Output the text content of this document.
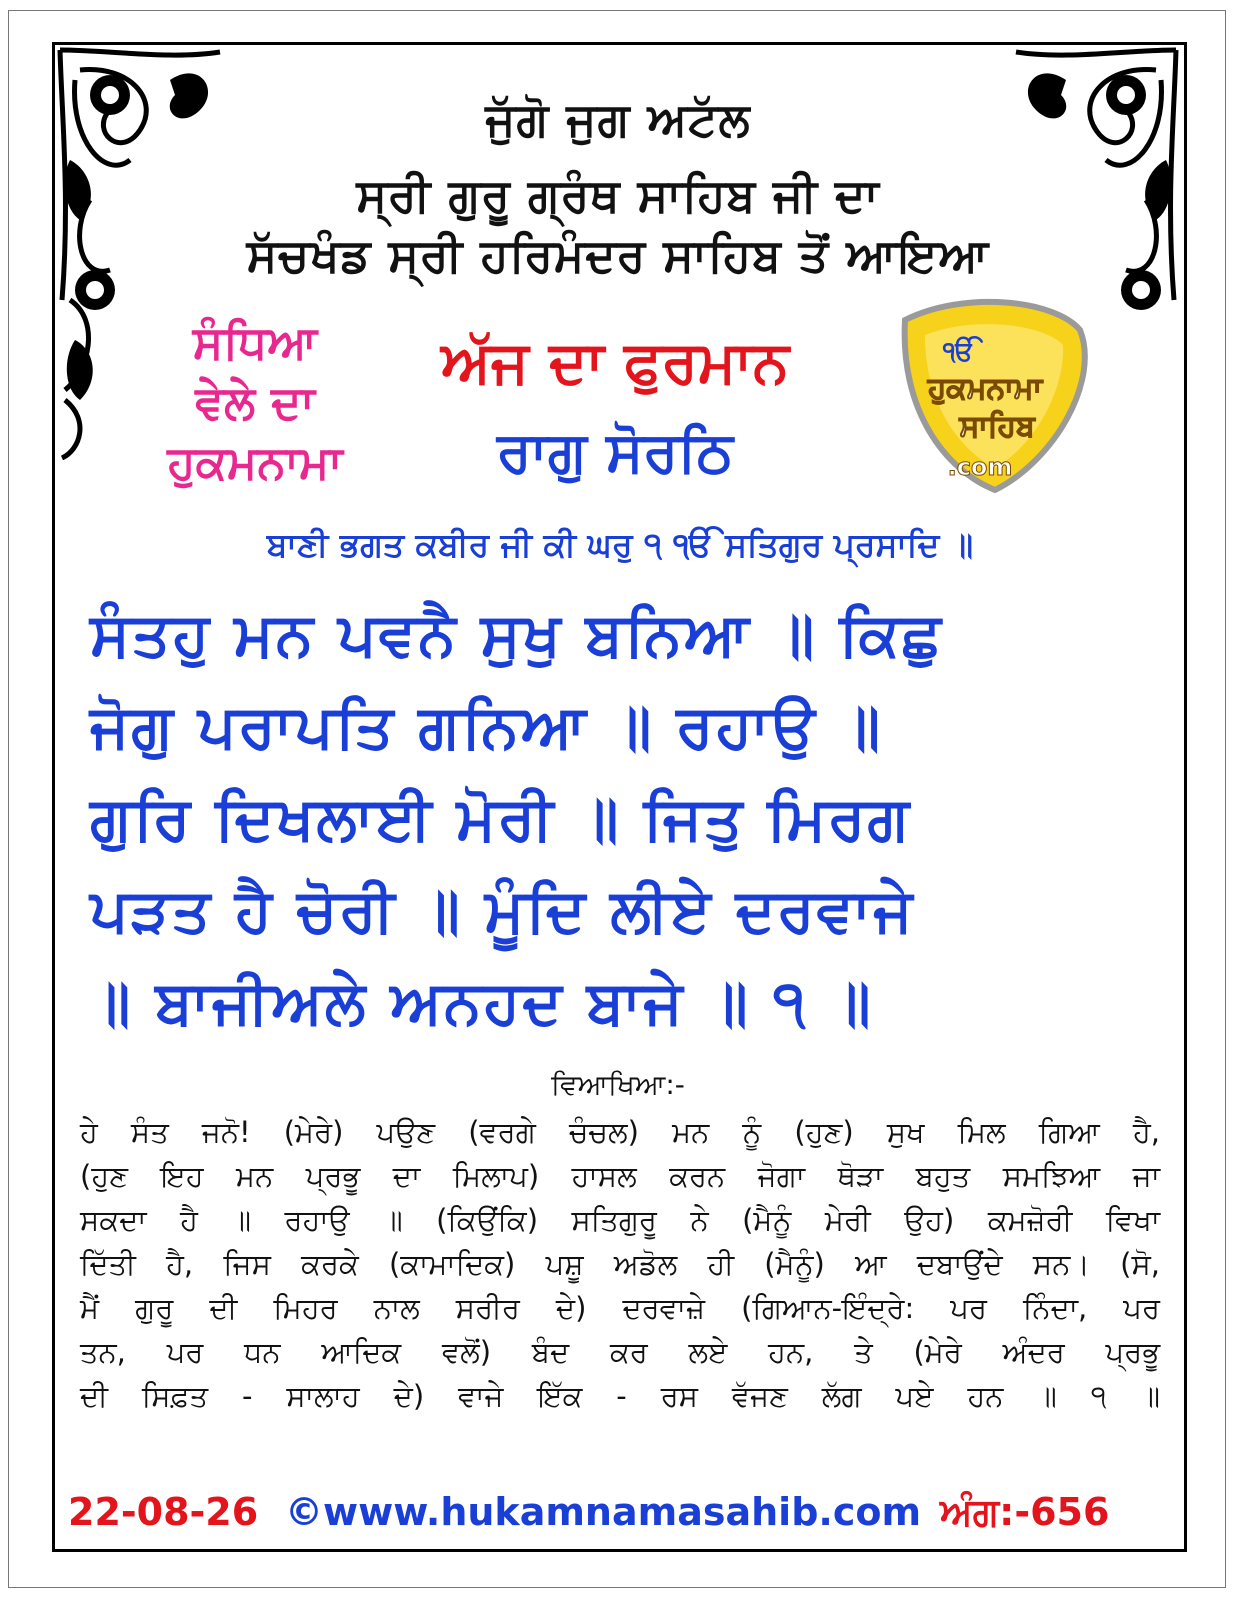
ਜੁੱਗੋ ਜੁਗ ਅਟੱਲ
ਸ੍ਰੀ ਗੁਰੂ ਗ੍ਰੰਥ ਸਾਹਿਬ ਜੀ ਦਾ
ਸੱਚਖੰਡ ਸ੍ਰੀ ਹਰਿਮੰਦਰ ਸਾਹਿਬ ਤੋਂ ਆਇਆ
ਸੰਧਿਆ
ਵੇਲੇ ਦਾ
ਹੁਕਮਨਾਮਾ
ਅੱਜ ਦਾ ਫੁਰਮਾਨ
ਰਾਗੁ ਸੋਰਠਿ
ੴ
ਹੁਕਮਨਾਮਾ
ਸਾਹਿਬ
.com
ਬਾਣੀ ਭਗਤ ਕਬੀਰ ਜੀ ਕੀ ਘਰੁ ੧ ੴ ਸਤਿਗੁਰ ਪ੍ਰਸਾਦਿ ॥
ਸੰਤਹੁ ਮਨ ਪਵਨੈ ਸੁਖੁ ਬਨਿਆ ॥ ਕਿਛੁ
ਜੋਗੁ ਪਰਾਪਤਿ ਗਨਿਆ ॥ ਰਹਾਉ ॥
ਗੁਰਿ ਦਿਖਲਾਈ ਮੋਰੀ ॥ ਜਿਤੁ ਮਿਰਗ
ਪੜਤ ਹੈ ਚੋਰੀ ॥ ਮੂੰਦਿ ਲੀਏ ਦਰਵਾਜੇ
॥ ਬਾਜੀਅਲੇ ਅਨਹਦ ਬਾਜੇ ॥ ੧ ॥
ਵਿਆਖਿਆ:-

ਹੇ ਸੰਤ ਜਨੋ! (ਮੇਰੇ) ਪਉਣ (ਵਰਗੇ ਚੰਚਲ) ਮਨ ਨੂੰ (ਹੁਣ) ਸੁਖ ਮਿਲ ਗਿਆ ਹੈ,

(ਹੁਣ ਇਹ ਮਨ ਪ੍ਰਭੂ ਦਾ ਮਿਲਾਪ) ਹਾਸਲ ਕਰਨ ਜੋਗਾ ਥੋੜਾ ਬਹੁਤ ਸਮਝਿਆ ਜਾ

ਸਕਦਾ ਹੈ ॥ ਰਹਾਉ ॥ (ਕਿਉਂਕਿ) ਸਤਿਗੁਰੂ ਨੇ (ਮੈਨੂੰ ਮੇਰੀ ਉਹ) ਕਮਜ਼ੋਰੀ ਵਿਖਾ

ਦਿੱਤੀ ਹੈ, ਜਿਸ ਕਰਕੇ (ਕਾਮਾਦਿਕ) ਪਸ਼ੂ ਅਡੋਲ ਹੀ (ਮੈਨੂੰ) ਆ ਦਬਾਉਂਦੇ ਸਨ। (ਸੋ,

ਮੈਂ ਗੁਰੂ ਦੀ ਮਿਹਰ ਨਾਲ ਸਰੀਰ ਦੇ) ਦਰਵਾਜ਼ੇ (ਗਿਆਨ-ਇੰਦ੍ਰੇ: ਪਰ ਨਿੰਦਾ, ਪਰ

ਤਨ, ਪਰ ਧਨ ਆਦਿਕ ਵਲੋਂ) ਬੰਦ ਕਰ ਲਏ ਹਨ, ਤੇ (ਮੇਰੇ ਅੰਦਰ ਪ੍ਰਭੂ

ਦੀ ਸਿਫ਼ਤ - ਸਾਲਾਹ ਦੇ) ਵਾਜੇ ਇੱਕ - ਰਸ ਵੱਜਣ ਲੱਗ ਪਏ ਹਨ ॥ ੧ ॥

22-08-26 ©www.hukamnamasahib.com ਅੰਗ:-656
